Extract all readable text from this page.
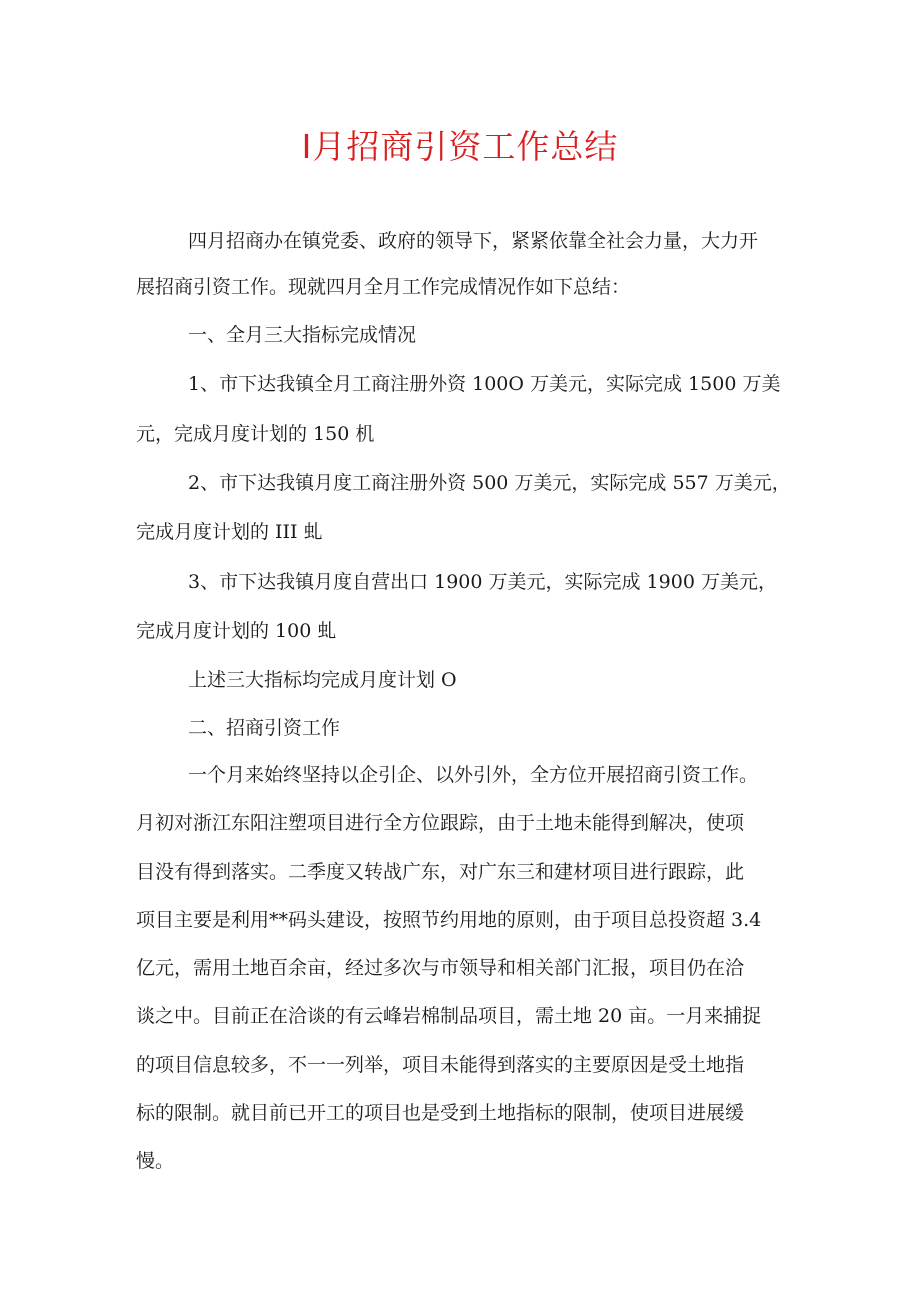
Ⅰ月招商引资工作总结

四月招商办在镇党委、政府的领导下，紧紧依靠全社会力量，大力开

展招商引资工作。现就四月全月工作完成情况作如下总结：

一、全月三大指标完成情况

1、市下达我镇全月工商注册外资 100O 万美元，实际完成 1500 万美

元，完成月度计划的 150 机

2、市下达我镇月度工商注册外资 500 万美元，实际完成 557 万美元，

完成月度计划的 III 虬

3、市下达我镇月度自营出口 1900 万美元，实际完成 1900 万美元，

完成月度计划的 100 虬

上述三大指标均完成月度计划 O

二、招商引资工作

一个月来始终坚持以企引企、以外引外，全方位开展招商引资工作。

月初对浙江东阳注塑项目进行全方位跟踪，由于土地未能得到解决，使项

目没有得到落实。二季度又转战广东，对广东三和建材项目进行跟踪，此

项目主要是利用**码头建设，按照节约用地的原则，由于项目总投资超 3.4

亿元，需用土地百余亩，经过多次与市领导和相关部门汇报，项目仍在洽

谈之中。目前正在洽谈的有云峰岩棉制品项目，需土地 20 亩。一月来捕捉

的项目信息较多，不一一列举，项目未能得到落实的主要原因是受土地指

标的限制。就目前已开工的项目也是受到土地指标的限制，使项目进展缓

慢。
